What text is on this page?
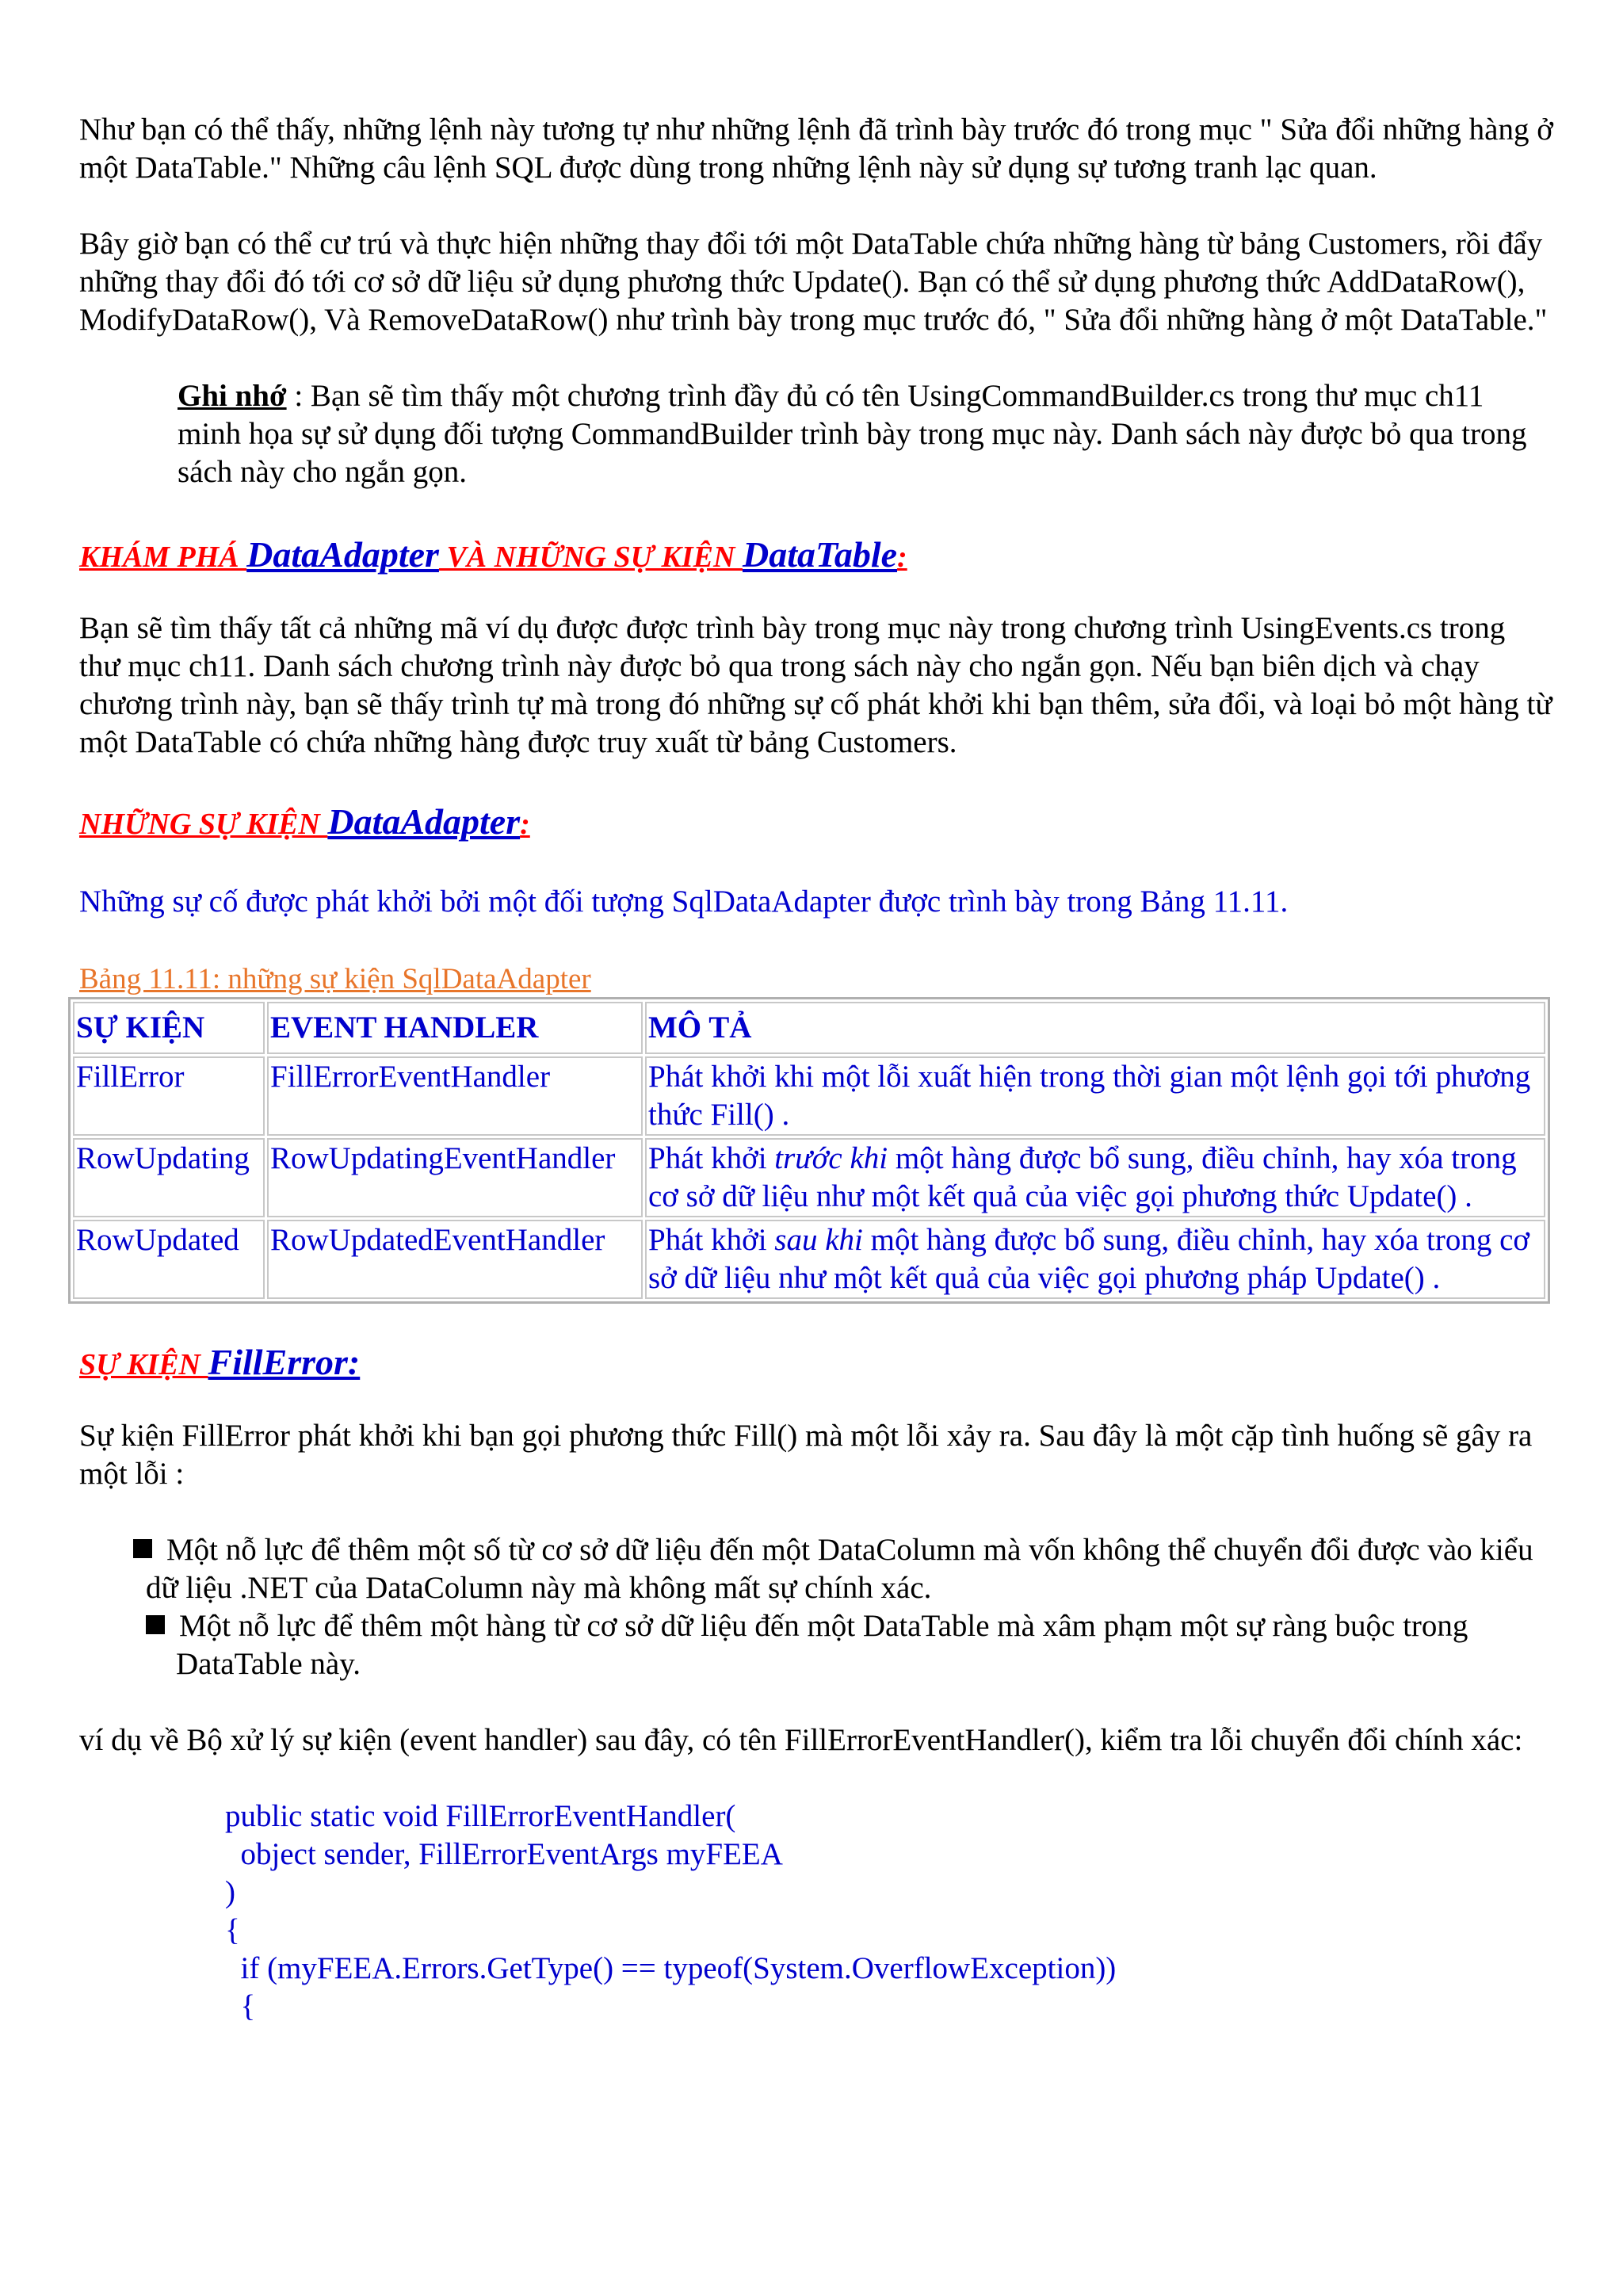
Như bạn có thể thấy, những lệnh này tương tự như những lệnh đã trình bày trước đó trong mục " Sửa đổi những hàng ở một DataTable." Những câu lệnh SQL được dùng trong những lệnh này sử dụng sự tương tranh lạc quan.

Bây giờ bạn có thể cư trú và thực hiện những thay đổi tới một DataTable chứa những hàng từ bảng Customers, rồi đẩy những thay đổi đó tới cơ sở dữ liệu sử dụng phương thức Update(). Bạn có thể sử dụng phương thức AddDataRow(), ModifyDataRow(), Và RemoveDataRow() như trình bày trong mục trước đó, " Sửa đổi những hàng ở một DataTable."

Ghi nhớ : Bạn sẽ tìm thấy một chương trình đầy đủ có tên UsingCommandBuilder.cs trong thư mục ch11 minh họa sự sử dụng đối tượng CommandBuilder trình bày trong mục này. Danh sách này được bỏ qua trong sách này cho ngắn gọn.

KHÁM PHÁ DataAdapter VÀ NHỮNG SỰ KIỆN DataTable:

Bạn sẽ tìm thấy tất cả những mã ví dụ được được trình bày trong mục này trong chương trình UsingEvents.cs trong thư mục ch11. Danh sách chương trình này được bỏ qua trong sách này cho ngắn gọn. Nếu bạn biên dịch và chạy chương trình này, bạn sẽ thấy trình tự mà trong đó những sự cố phát khởi khi bạn thêm, sửa đổi, và loại bỏ một hàng từ một DataTable có chứa những hàng được truy xuất từ bảng Customers.

NHỮNG SỰ KIỆN DataAdapter:

Những sự cố được phát khởi bởi một đối tượng SqlDataAdapter được trình bày trong Bảng 11.11.

Bảng 11.11: những sự kiện SqlDataAdapter
SỰ KIỆN	EVENT HANDLER	MÔ TẢ
FillError	FillErrorEventHandler	Phát khởi khi một lỗi xuất hiện trong thời gian một lệnh gọi tới phương thức Fill() .
RowUpdating	RowUpdatingEventHandler	Phát khởi trước khi một hàng được bổ sung, điều chỉnh, hay xóa trong cơ sở dữ liệu như một kết quả của việc gọi phương thức Update() .
RowUpdated	RowUpdatedEventHandler	Phát khởi sau khi một hàng được bổ sung, điều chỉnh, hay xóa trong cơ sở dữ liệu như một kết quả của việc gọi phương pháp Update() .
SỰ KIỆN FillError:

Sự kiện FillError phát khởi khi bạn gọi phương thức Fill() mà một lỗi xảy ra. Sau đây là một cặp tình huống sẽ gây ra một lỗi :

Một nỗ lực để thêm một số từ cơ sở dữ liệu đến một DataColumn mà vốn không thể chuyển đổi được vào kiểu dữ liệu .NET của DataColumn này mà không mất sự chính xác.
Một nỗ lực để thêm một hàng từ cơ sở dữ liệu đến một DataTable mà xâm phạm một sự ràng buộc trong DataTable này.

ví dụ về Bộ xử lý sự kiện (event handler) sau đây, có tên FillErrorEventHandler(), kiểm tra lỗi chuyển đổi chính xác:

public static void FillErrorEventHandler(
object sender, FillErrorEventArgs myFEEA
)
{
if (myFEEA.Errors.GetType() == typeof(System.OverflowException))
{
